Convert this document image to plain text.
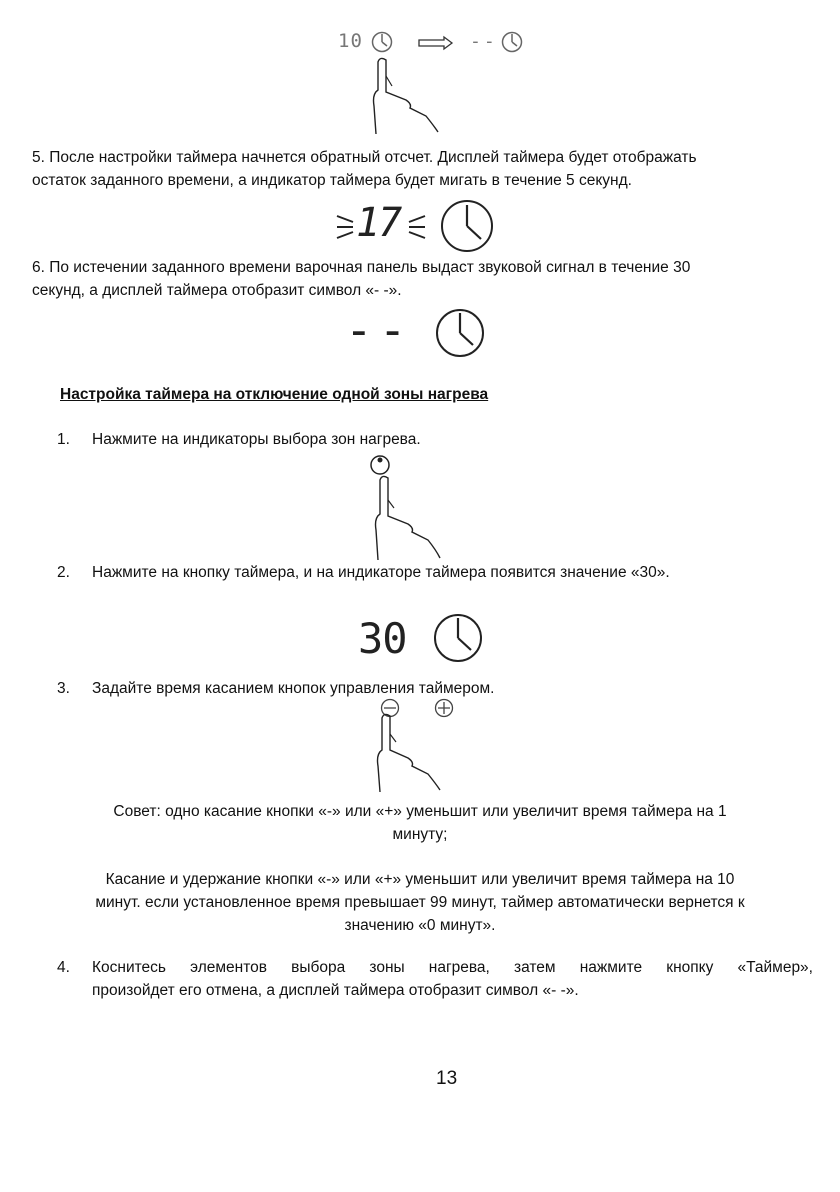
10	--
5. После настройки таймера начнется обратный отсчет. Дисплей таймера будет отображать
остаток заданного времени, а индикатор таймера будет мигать в течение 5 секунд.
17
6. По истечении заданного времени варочная панель выдаст звуковой сигнал в течение 30
секунд, а дисплей таймера отобразит символ «- -».
--
Настройка таймера на отключение одной зоны нагрева
1. Нажмите на индикаторы выбора зон нагрева.
2. Нажмите на кнопку таймера, и на индикаторе таймера появится значение «30».
30
3. Задайте время касанием кнопок управления таймером.
Совет: одно касание кнопки «-» или «+» уменьшит или увеличит время таймера на 1
минуту;
Касание и удержание кнопки «-» или «+» уменьшит или увеличит время таймера на 10
минут. если установленное время превышает 99 минут, таймер автоматически вернется к
значению «0 минут».
4. Коснитесь элементов выбора зоны нагрева, затем нажмите кнопку «Таймер»,
произойдет его отмена, а дисплей таймера отобразит символ «- -».
13
